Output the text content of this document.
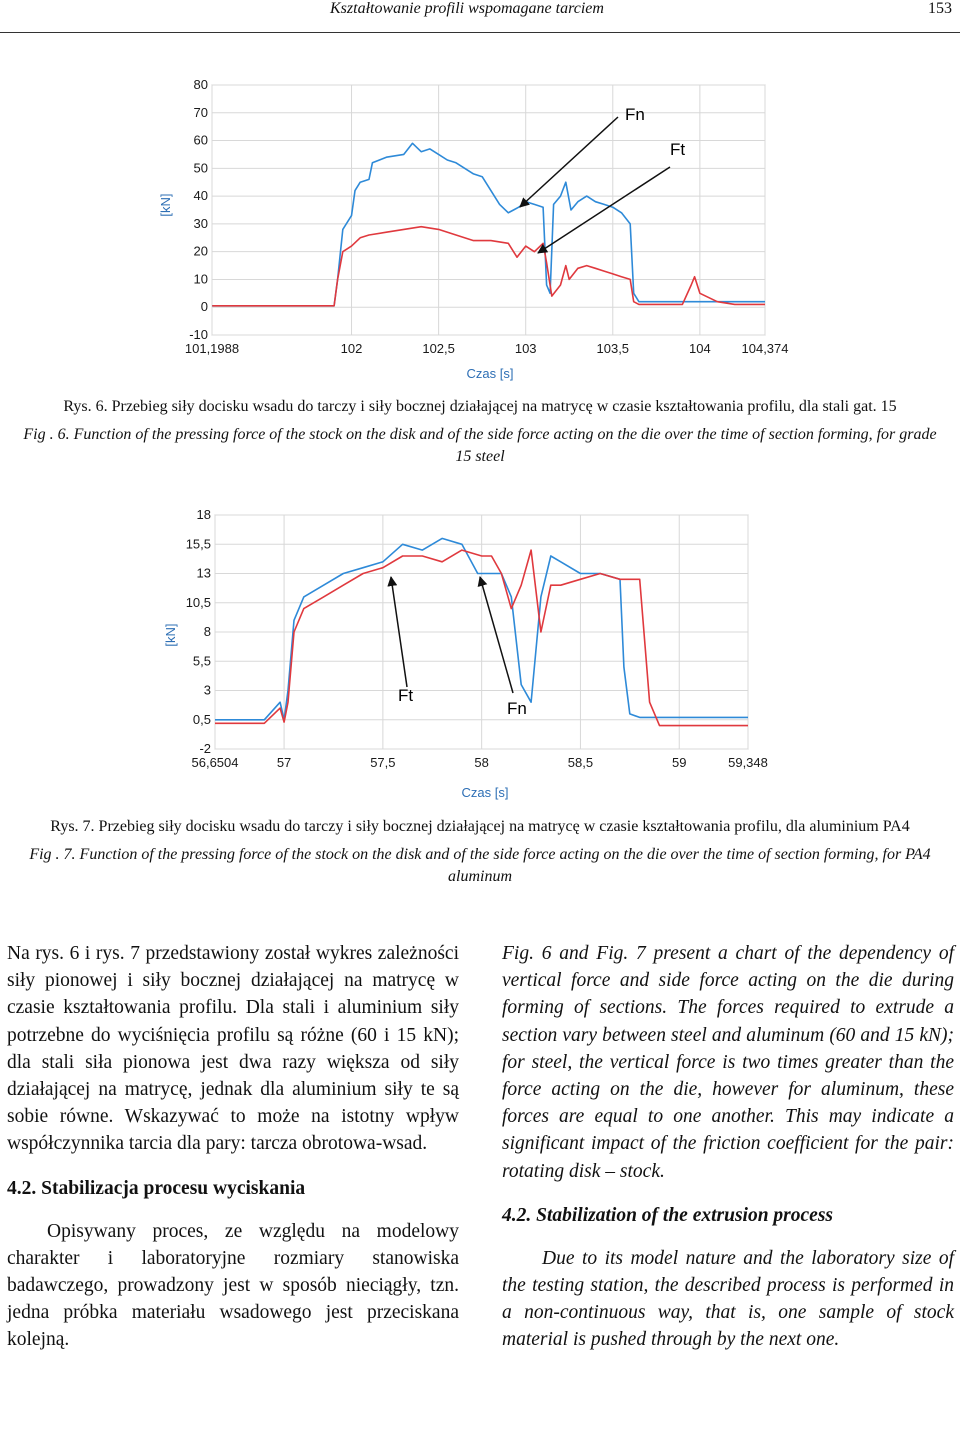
Kształtowanie profili wspomagane tarciem	153
-10
0
10
20
30
40
50
60
70
80
101,1988	102	102,5	103	103,5	104 104,374
[kN]
Czas [s]
Fn
Ft
Rys. 6. Przebieg siły docisku wsadu do tarczy i siły bocznej działającej na matrycę w czasie kształtowania profilu, dla stali gat. 15
Fig . 6. Function of the pressing force of the stock on the disk and of the side force acting on the die over the time of section forming, for grade 15 steel
-2
0,5
3
5,5
8
10,5
13
15,5
18
56,6504	57	57,5	58	58,5	59	59,348
[kN]
Czas [s]
Ft
Fn
Rys. 7. Przebieg siły docisku wsadu do tarczy i siły bocznej działającej na matrycę w czasie kształtowania profilu, dla aluminium PA4
Fig . 7. Function of the pressing force of the stock on the disk and of the side force acting on the die over the time of section forming, for PA4 aluminum

Na rys. 6 i rys. 7 przedstawiony został wykres zależności siły pionowej i siły bocznej działającej na matrycę w czasie kształtowania profilu. Dla stali i aluminium siły potrzebne do wyciśnięcia profilu są różne (60 i 15 kN); dla stali siła pionowa jest dwa razy większa od siły działającej na matrycę, jednak dla aluminium siły te są sobie równe. Wskazywać to może na istotny wpływ współczynnika tarcia dla pary: tarcza obrotowa-wsad.

4.2. Stabilizacja procesu wyciskania

Opisywany proces, ze względu na modelowy charakter i laboratoryjne rozmiary stanowiska badawczego, prowadzony jest w sposób nieciągły, tzn. jedna próbka materiału wsadowego jest przeciskana kolejną.

Fig. 6 and Fig. 7 present a chart of the dependency of vertical force and side force acting on the die during forming of sections. The forces required to extrude a section vary between steel and aluminum (60 and 15 kN); for steel, the vertical force is two times greater than the force acting on the die, however for aluminum, these forces are equal to one another. This may indicate a significant impact of the friction coefficient for the pair: rotating disk – stock.

4.2. Stabilization of the extrusion process

Due to its model nature and the laboratory size of the testing station, the described process is performed in a non-continuous way, that is, one sample of stock material is pushed through by the next one.
